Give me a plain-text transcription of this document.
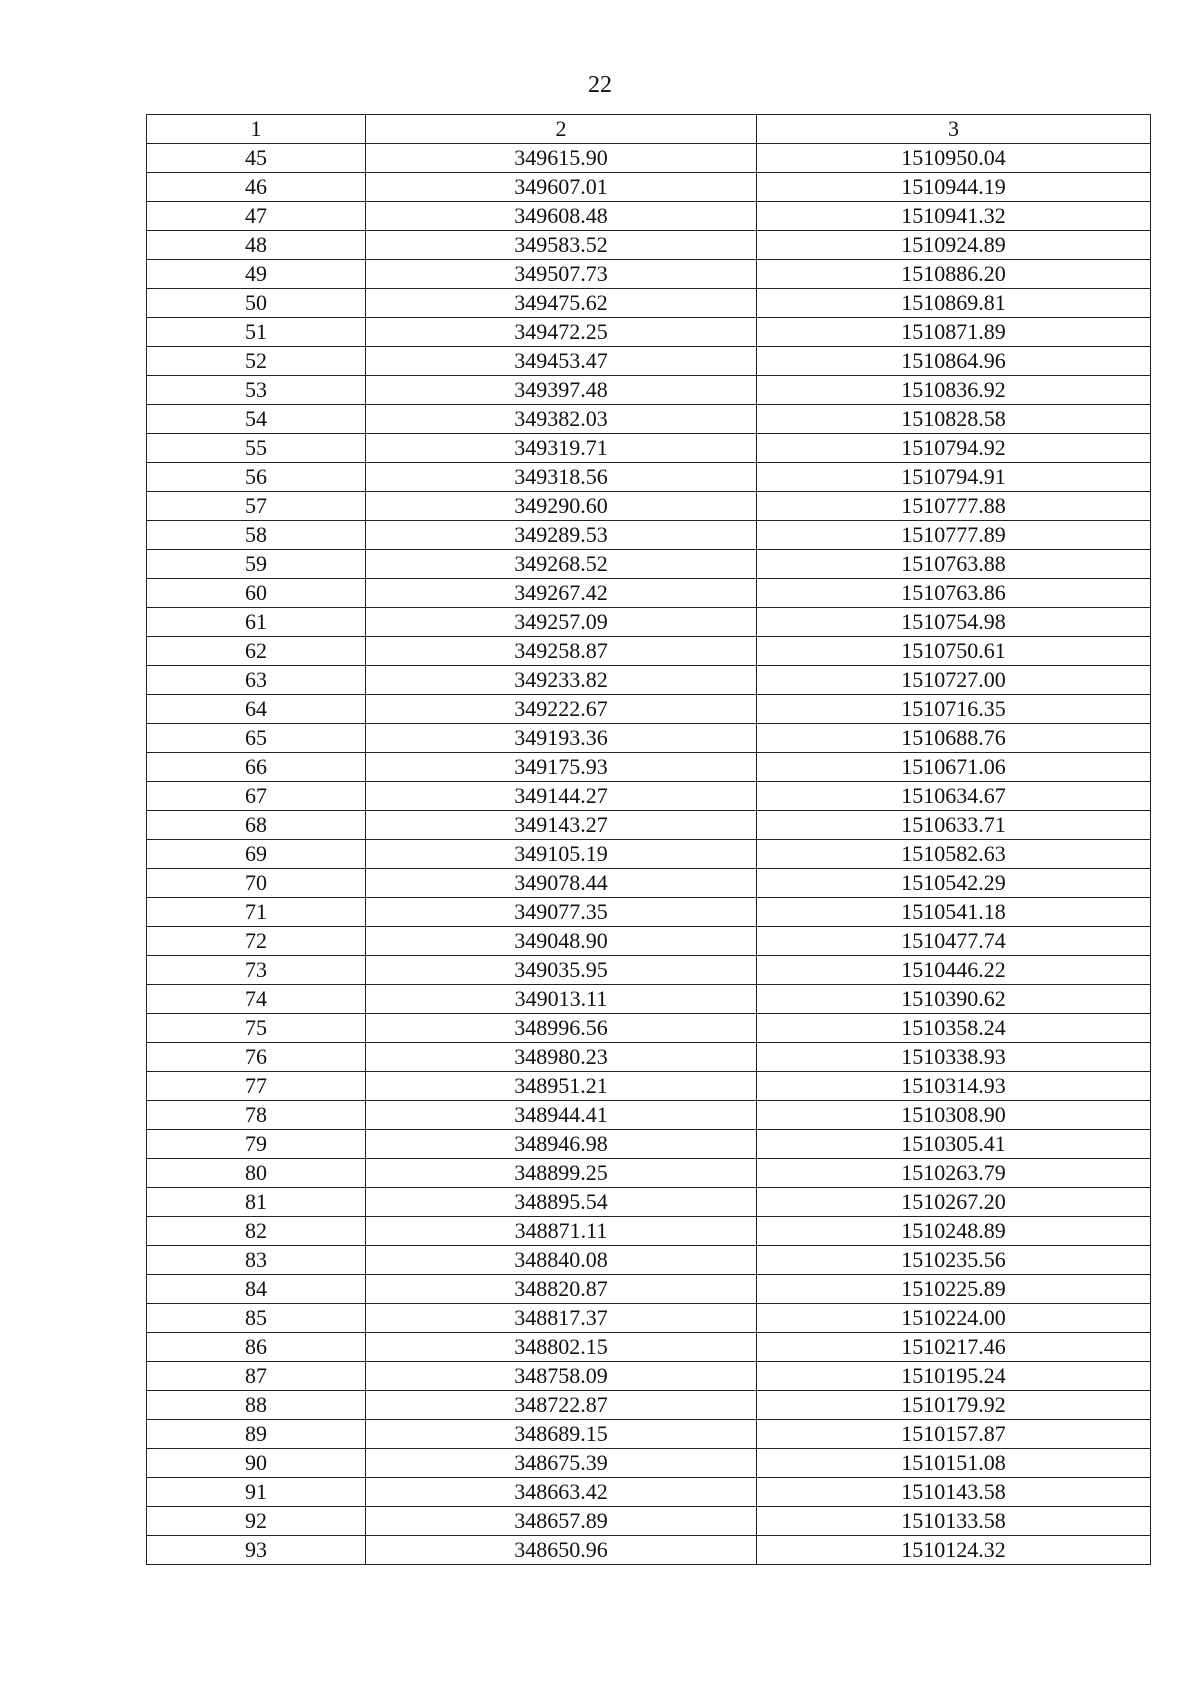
22
1	2	3
45	349615.90	1510950.04
46	349607.01	1510944.19
47	349608.48	1510941.32
48	349583.52	1510924.89
49	349507.73	1510886.20
50	349475.62	1510869.81
51	349472.25	1510871.89
52	349453.47	1510864.96
53	349397.48	1510836.92
54	349382.03	1510828.58
55	349319.71	1510794.92
56	349318.56	1510794.91
57	349290.60	1510777.88
58	349289.53	1510777.89
59	349268.52	1510763.88
60	349267.42	1510763.86
61	349257.09	1510754.98
62	349258.87	1510750.61
63	349233.82	1510727.00
64	349222.67	1510716.35
65	349193.36	1510688.76
66	349175.93	1510671.06
67	349144.27	1510634.67
68	349143.27	1510633.71
69	349105.19	1510582.63
70	349078.44	1510542.29
71	349077.35	1510541.18
72	349048.90	1510477.74
73	349035.95	1510446.22
74	349013.11	1510390.62
75	348996.56	1510358.24
76	348980.23	1510338.93
77	348951.21	1510314.93
78	348944.41	1510308.90
79	348946.98	1510305.41
80	348899.25	1510263.79
81	348895.54	1510267.20
82	348871.11	1510248.89
83	348840.08	1510235.56
84	348820.87	1510225.89
85	348817.37	1510224.00
86	348802.15	1510217.46
87	348758.09	1510195.24
88	348722.87	1510179.92
89	348689.15	1510157.87
90	348675.39	1510151.08
91	348663.42	1510143.58
92	348657.89	1510133.58
93	348650.96	1510124.32
